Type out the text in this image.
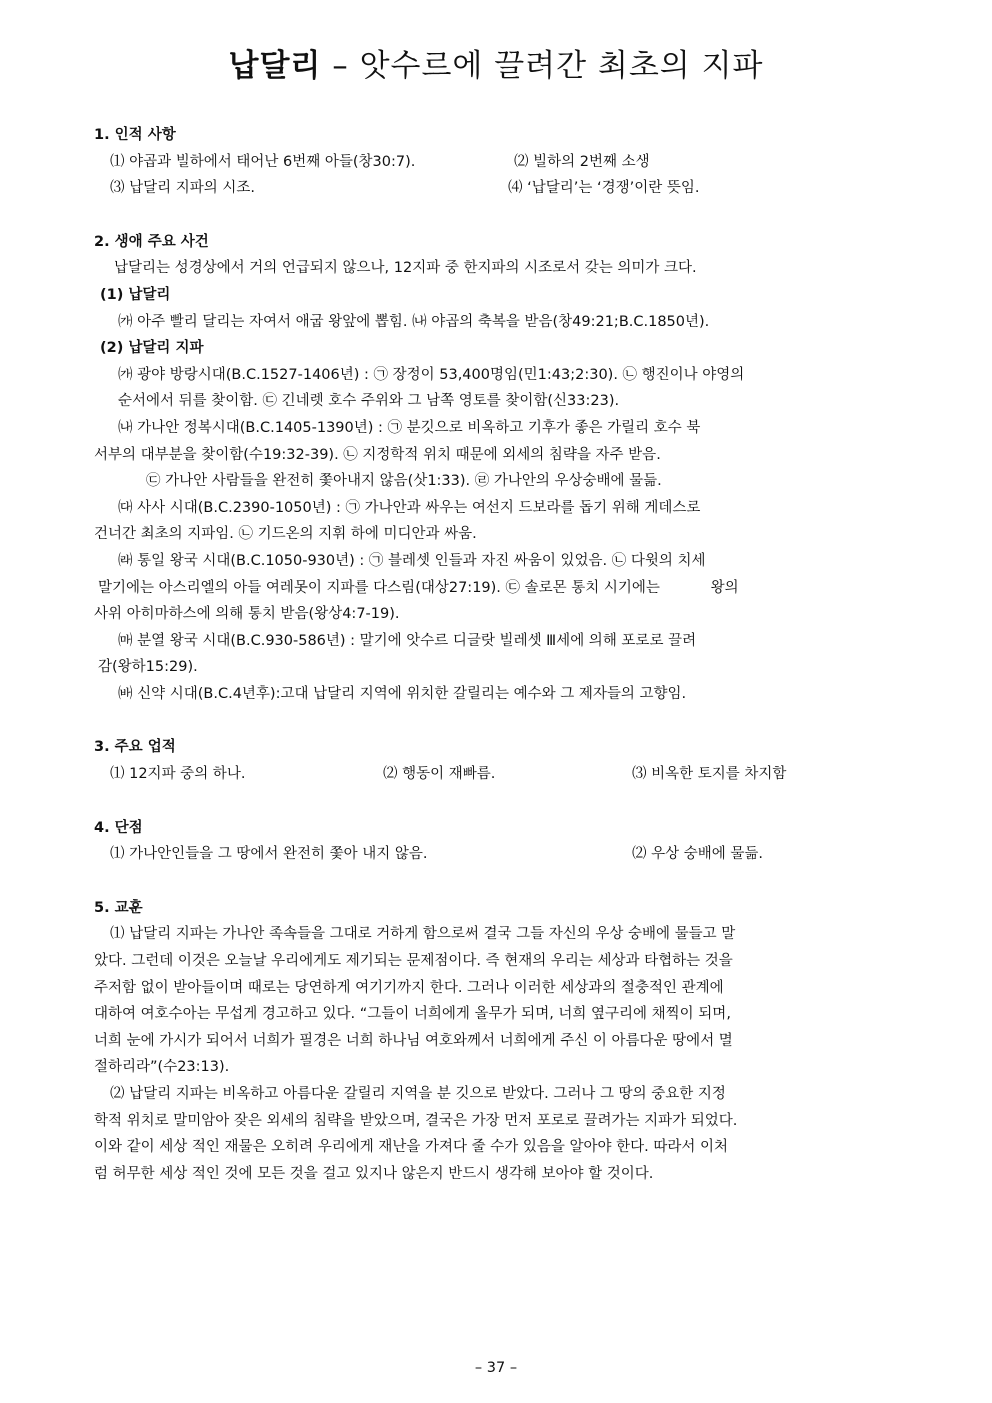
납달리 – 앗수르에 끌려간 최초의 지파
1. 인적 사항
⑴ 야곱과 빌하에서 태어난 6번째 아들(창30:7).	⑵ 빌하의 2번째 소생
⑶ 납달리 지파의 시조.	⑷ ‘납달리’는 ‘경쟁’이란 뜻임.
2. 생애 주요 사건
납달리는 성경상에서 거의 언급되지 않으나, 12지파 중 한지파의 시조로서 갖는 의미가 크다.
(1) 납달리
㈎ 아주 빨리 달리는 자여서 애굽 왕앞에 뽑힘. ㈏ 야곱의 축복을 받음(창49:21;B.C.1850년).
(2) 납달리 지파
㈎ 광야 방랑시대(B.C.1527-1406년) : ㉠ 장정이 53,400명임(민1:43;2:30). ㉡ 행진이나 야영의
순서에서 뒤를 찾이함. ㉢ 긴네렛 호수 주위와 그 남쪽 영토를 찾이함(신33:23).
㈏ 가나안 정복시대(B.C.1405-1390년) : ㉠ 분깃으로 비옥하고 기후가 좋은 가릴리 호수 북
서부의 대부분을 찾이함(수19:32-39). ㉡ 지정학적 위치 때문에 외세의 침략을 자주 받음.
㉢ 가나안 사람들을 완전히 쫓아내지 않음(삿1:33). ㉣ 가나안의 우상숭배에 물듦.
㈐ 사사 시대(B.C.2390-1050년) : ㉠ 가나안과 싸우는 여선지 드보라를 돕기 위해 게데스로
건너간 최초의 지파임. ㉡ 기드온의 지휘 하에 미디안과 싸움.
㈑ 통일 왕국 시대(B.C.1050-930년) : ㉠ 블레셋 인들과 자진 싸움이 있었음. ㉡ 다윗의 치세
말기에는 아스리엘의 아들 여레못이 지파를 다스림(대상27:19). ㉢ 솔로몬 통치 시기에는           왕의
사위 아히마하스에 의해 통치 받음(왕상4:7-19).
㈒ 분열 왕국 시대(B.C.930-586년) : 말기에 앗수르 디글랏 빌레셋 Ⅲ세에 의해 포로로 끌려
감(왕하15:29).
㈓ 신약 시대(B.C.4년후):고대 납달리 지역에 위치한 갈릴리는 예수와 그 제자들의 고향임.
3. 주요 업적
⑴ 12지파 중의 하나.	⑵ 행동이 재빠름.	⑶ 비옥한 토지를 차지함
4. 단점
⑴ 가나안인들을 그 땅에서 완전히 쫓아 내지 않음.	⑵ 우상 숭배에 물듦.
5. 교훈
⑴ 납달리 지파는 가나안 족속들을 그대로 거하게 함으로써 결국 그들 자신의 우상 숭배에 물들고 말
았다. 그런데 이것은 오늘날 우리에게도 제기되는 문제점이다. 즉 현재의 우리는 세상과 타협하는 것을
주저함 없이 받아들이며 때로는 당연하게 여기기까지 한다. 그러나 이러한 세상과의 절충적인 관계에
대하여 여호수아는 무섭게 경고하고 있다. “그들이 너희에게 올무가 되며, 너희 옆구리에 채찍이 되며,
너희 눈에 가시가 되어서 너희가 필경은 너희 하나님 여호와께서 너희에게 주신 이 아름다운 땅에서 멸
절하리라”(수23:13).
⑵ 납달리 지파는 비옥하고 아름다운 갈릴리 지역을 분 깃으로 받았다. 그러나 그 땅의 중요한 지정
학적 위치로 말미암아 잦은 외세의 침략을 받았으며, 결국은 가장 먼저 포로로 끌려가는 지파가 되었다.
이와 같이 세상 적인 재물은 오히려 우리에게 재난을 가져다 줄 수가 있음을 알아야 한다. 따라서 이처
럼 허무한 세상 적인 것에 모든 것을 걸고 있지나 않은지 반드시 생각해 보아야 할 것이다.
– 37 –
